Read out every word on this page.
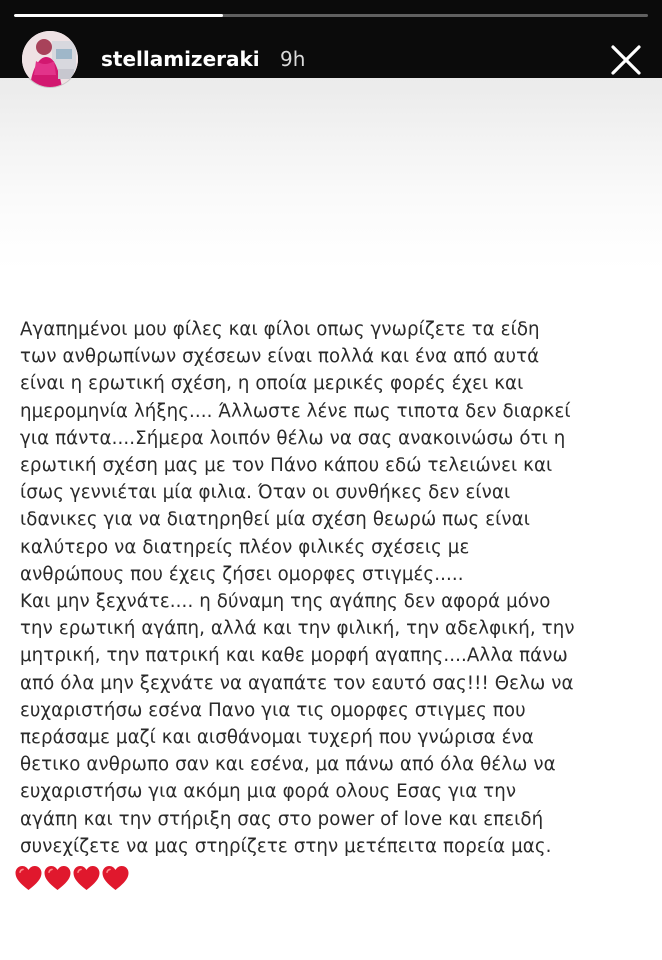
stellamizeraki 9h

Αγαπημένοι μου φίλες και φίλοι οπως γνωρίζετε τα είδη
των ανθρωπίνων σχέσεων είναι πολλά και ένα από αυτά
είναι η ερωτική σχέση, η οποία μερικές φορές έχει και
ημερομηνία λήξης.... Άλλωστε λένε πως τιποτα δεν διαρκεί
για πάντα....Σήμερα λοιπόν θέλω να σας ανακοινώσω ότι η
ερωτική σχέση μας με τον Πάνο κάπου εδώ τελειώνει και
ίσως γεννιέται μία φιλια. Όταν οι συνθήκες δεν είναι
ιδανικες για να διατηρηθεί μία σχέση θεωρώ πως είναι
καλύτερο να διατηρείς πλέον φιλικές σχέσεις με
ανθρώπους που έχεις ζήσει ομορφες στιγμές.....
Και μην ξεχνάτε.... η δύναμη της αγάπης δεν αφορά μόνο
την ερωτική αγάπη, αλλά και την φιλική, την αδελφική, την
μητρική, την πατρική και καθε μορφή αγαπης....Αλλα πάνω
από όλα μην ξεχνάτε να αγαπάτε τον εαυτό σας!!! Θελω να
ευχαριστήσω εσένα Πανο για τις ομορφες στιγμες που
περάσαμε μαζί και αισθάνομαι τυχερή που γνώρισα ένα
θετικο ανθρωπο σαν και εσένα, μα πάνω από όλα θέλω να
ευχαριστήσω για ακόμη μια φορά ολους Εσας για την
αγάπη και την στήριξη σας στο power of love και επειδή
συνεχίζετε να μας στηρίζετε στην μετέπειτα πορεία μας.
